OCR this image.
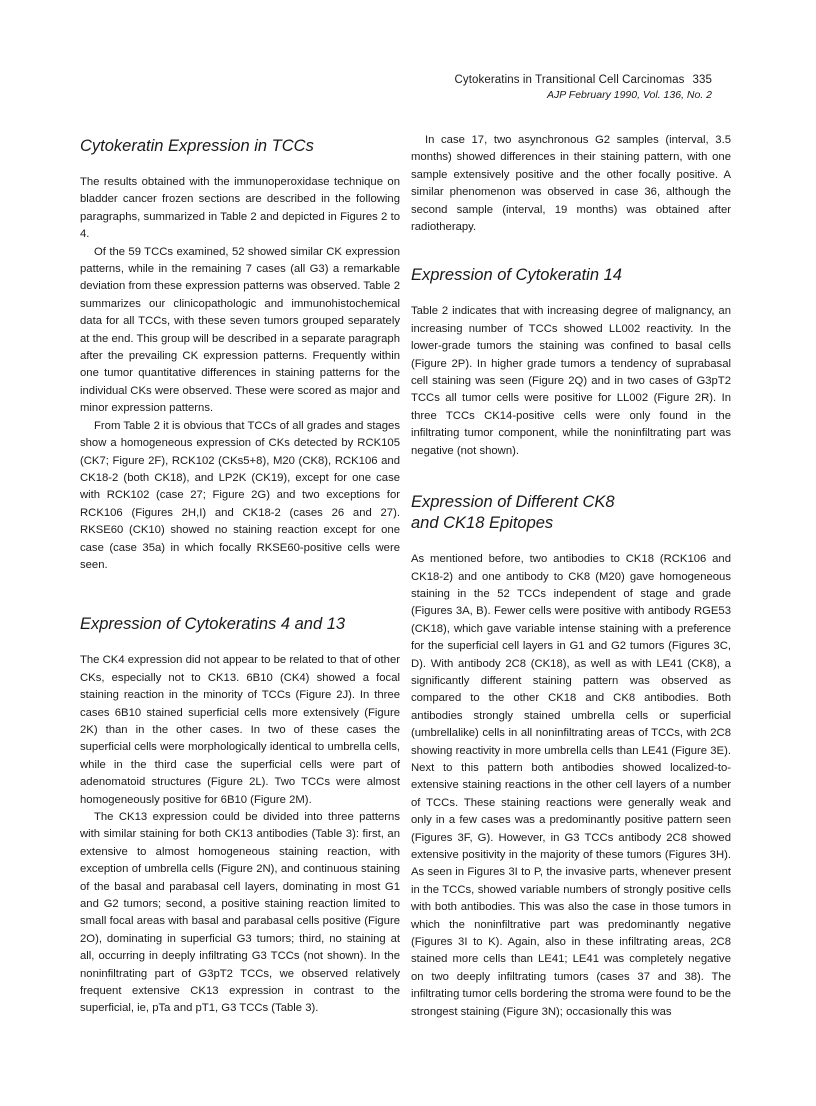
Cytokeratins in Transitional Cell Carcinomas 335
AJP February 1990, Vol. 136, No. 2
Cytokeratin Expression in TCCs

The results obtained with the immunoperoxidase technique on bladder cancer frozen sections are described in the following paragraphs, summarized in Table 2 and depicted in Figures 2 to 4.

Of the 59 TCCs examined, 52 showed similar CK expression patterns, while in the remaining 7 cases (all G3) a remarkable deviation from these expression patterns was observed. Table 2 summarizes our clinicopathologic and immunohistochemical data for all TCCs, with these seven tumors grouped separately at the end. This group will be described in a separate paragraph after the prevailing CK expression patterns. Frequently within one tumor quantitative differences in staining patterns for the individual CKs were observed. These were scored as major and minor expression patterns.

From Table 2 it is obvious that TCCs of all grades and stages show a homogeneous expression of CKs detected by RCK105 (CK7; Figure 2F), RCK102 (CKs5+8), M20 (CK8), RCK106 and CK18-2 (both CK18), and LP2K (CK19), except for one case with RCK102 (case 27; Figure 2G) and two exceptions for RCK106 (Figures 2H,I) and CK18-2 (cases 26 and 27). RKSE60 (CK10) showed no staining reaction except for one case (case 35a) in which focally RKSE60-positive cells were seen.

Expression of Cytokeratins 4 and 13

The CK4 expression did not appear to be related to that of other CKs, especially not to CK13. 6B10 (CK4) showed a focal staining reaction in the minority of TCCs (Figure 2J). In three cases 6B10 stained superficial cells more extensively (Figure 2K) than in the other cases. In two of these cases the superficial cells were morphologically identical to umbrella cells, while in the third case the superficial cells were part of adenomatoid structures (Figure 2L). Two TCCs were almost homogeneously positive for 6B10 (Figure 2M).

The CK13 expression could be divided into three patterns with similar staining for both CK13 antibodies (Table 3): first, an extensive to almost homogeneous staining reaction, with exception of umbrella cells (Figure 2N), and continuous staining of the basal and parabasal cell layers, dominating in most G1 and G2 tumors; second, a positive staining reaction limited to small focal areas with basal and parabasal cells positive (Figure 2O), dominating in superficial G3 tumors; third, no staining at all, occurring in deeply infiltrating G3 TCCs (not shown). In the noninfiltrating part of G3pT2 TCCs, we observed relatively frequent extensive CK13 expression in contrast to the superficial, ie, pTa and pT1, G3 TCCs (Table 3).

In case 17, two asynchronous G2 samples (interval, 3.5 months) showed differences in their staining pattern, with one sample extensively positive and the other focally positive. A similar phenomenon was observed in case 36, although the second sample (interval, 19 months) was obtained after radiotherapy.

Expression of Cytokeratin 14

Table 2 indicates that with increasing degree of malignancy, an increasing number of TCCs showed LL002 reactivity. In the lower-grade tumors the staining was confined to basal cells (Figure 2P). In higher grade tumors a tendency of suprabasal cell staining was seen (Figure 2Q) and in two cases of G3pT2 TCCs all tumor cells were positive for LL002 (Figure 2R). In three TCCs CK14-positive cells were only found in the infiltrating tumor component, while the noninfiltrating part was negative (not shown).

Expression of Different CK8
and CK18 Epitopes

As mentioned before, two antibodies to CK18 (RCK106 and CK18-2) and one antibody to CK8 (M20) gave homogeneous staining in the 52 TCCs independent of stage and grade (Figures 3A, B). Fewer cells were positive with antibody RGE53 (CK18), which gave variable intense staining with a preference for the superficial cell layers in G1 and G2 tumors (Figures 3C, D). With antibody 2C8 (CK18), as well as with LE41 (CK8), a significantly different staining pattern was observed as compared to the other CK18 and CK8 antibodies. Both antibodies strongly stained umbrella cells or superficial (umbrellalike) cells in all noninfiltrating areas of TCCs, with 2C8 showing reactivity in more umbrella cells than LE41 (Figure 3E). Next to this pattern both antibodies showed localized-to-extensive staining reactions in the other cell layers of a number of TCCs. These staining reactions were generally weak and only in a few cases was a predominantly positive pattern seen (Figures 3F, G). However, in G3 TCCs antibody 2C8 showed extensive positivity in the majority of these tumors (Figures 3H). As seen in Figures 3I to P, the invasive parts, whenever present in the TCCs, showed variable numbers of strongly positive cells with both antibodies. This was also the case in those tumors in which the noninfiltrative part was predominantly negative (Figures 3I to K). Again, also in these infiltrating areas, 2C8 stained more cells than LE41; LE41 was completely negative on two deeply infiltrating tumors (cases 37 and 38). The infiltrating tumor cells bordering the stroma were found to be the strongest staining (Figure 3N); occasionally this was
